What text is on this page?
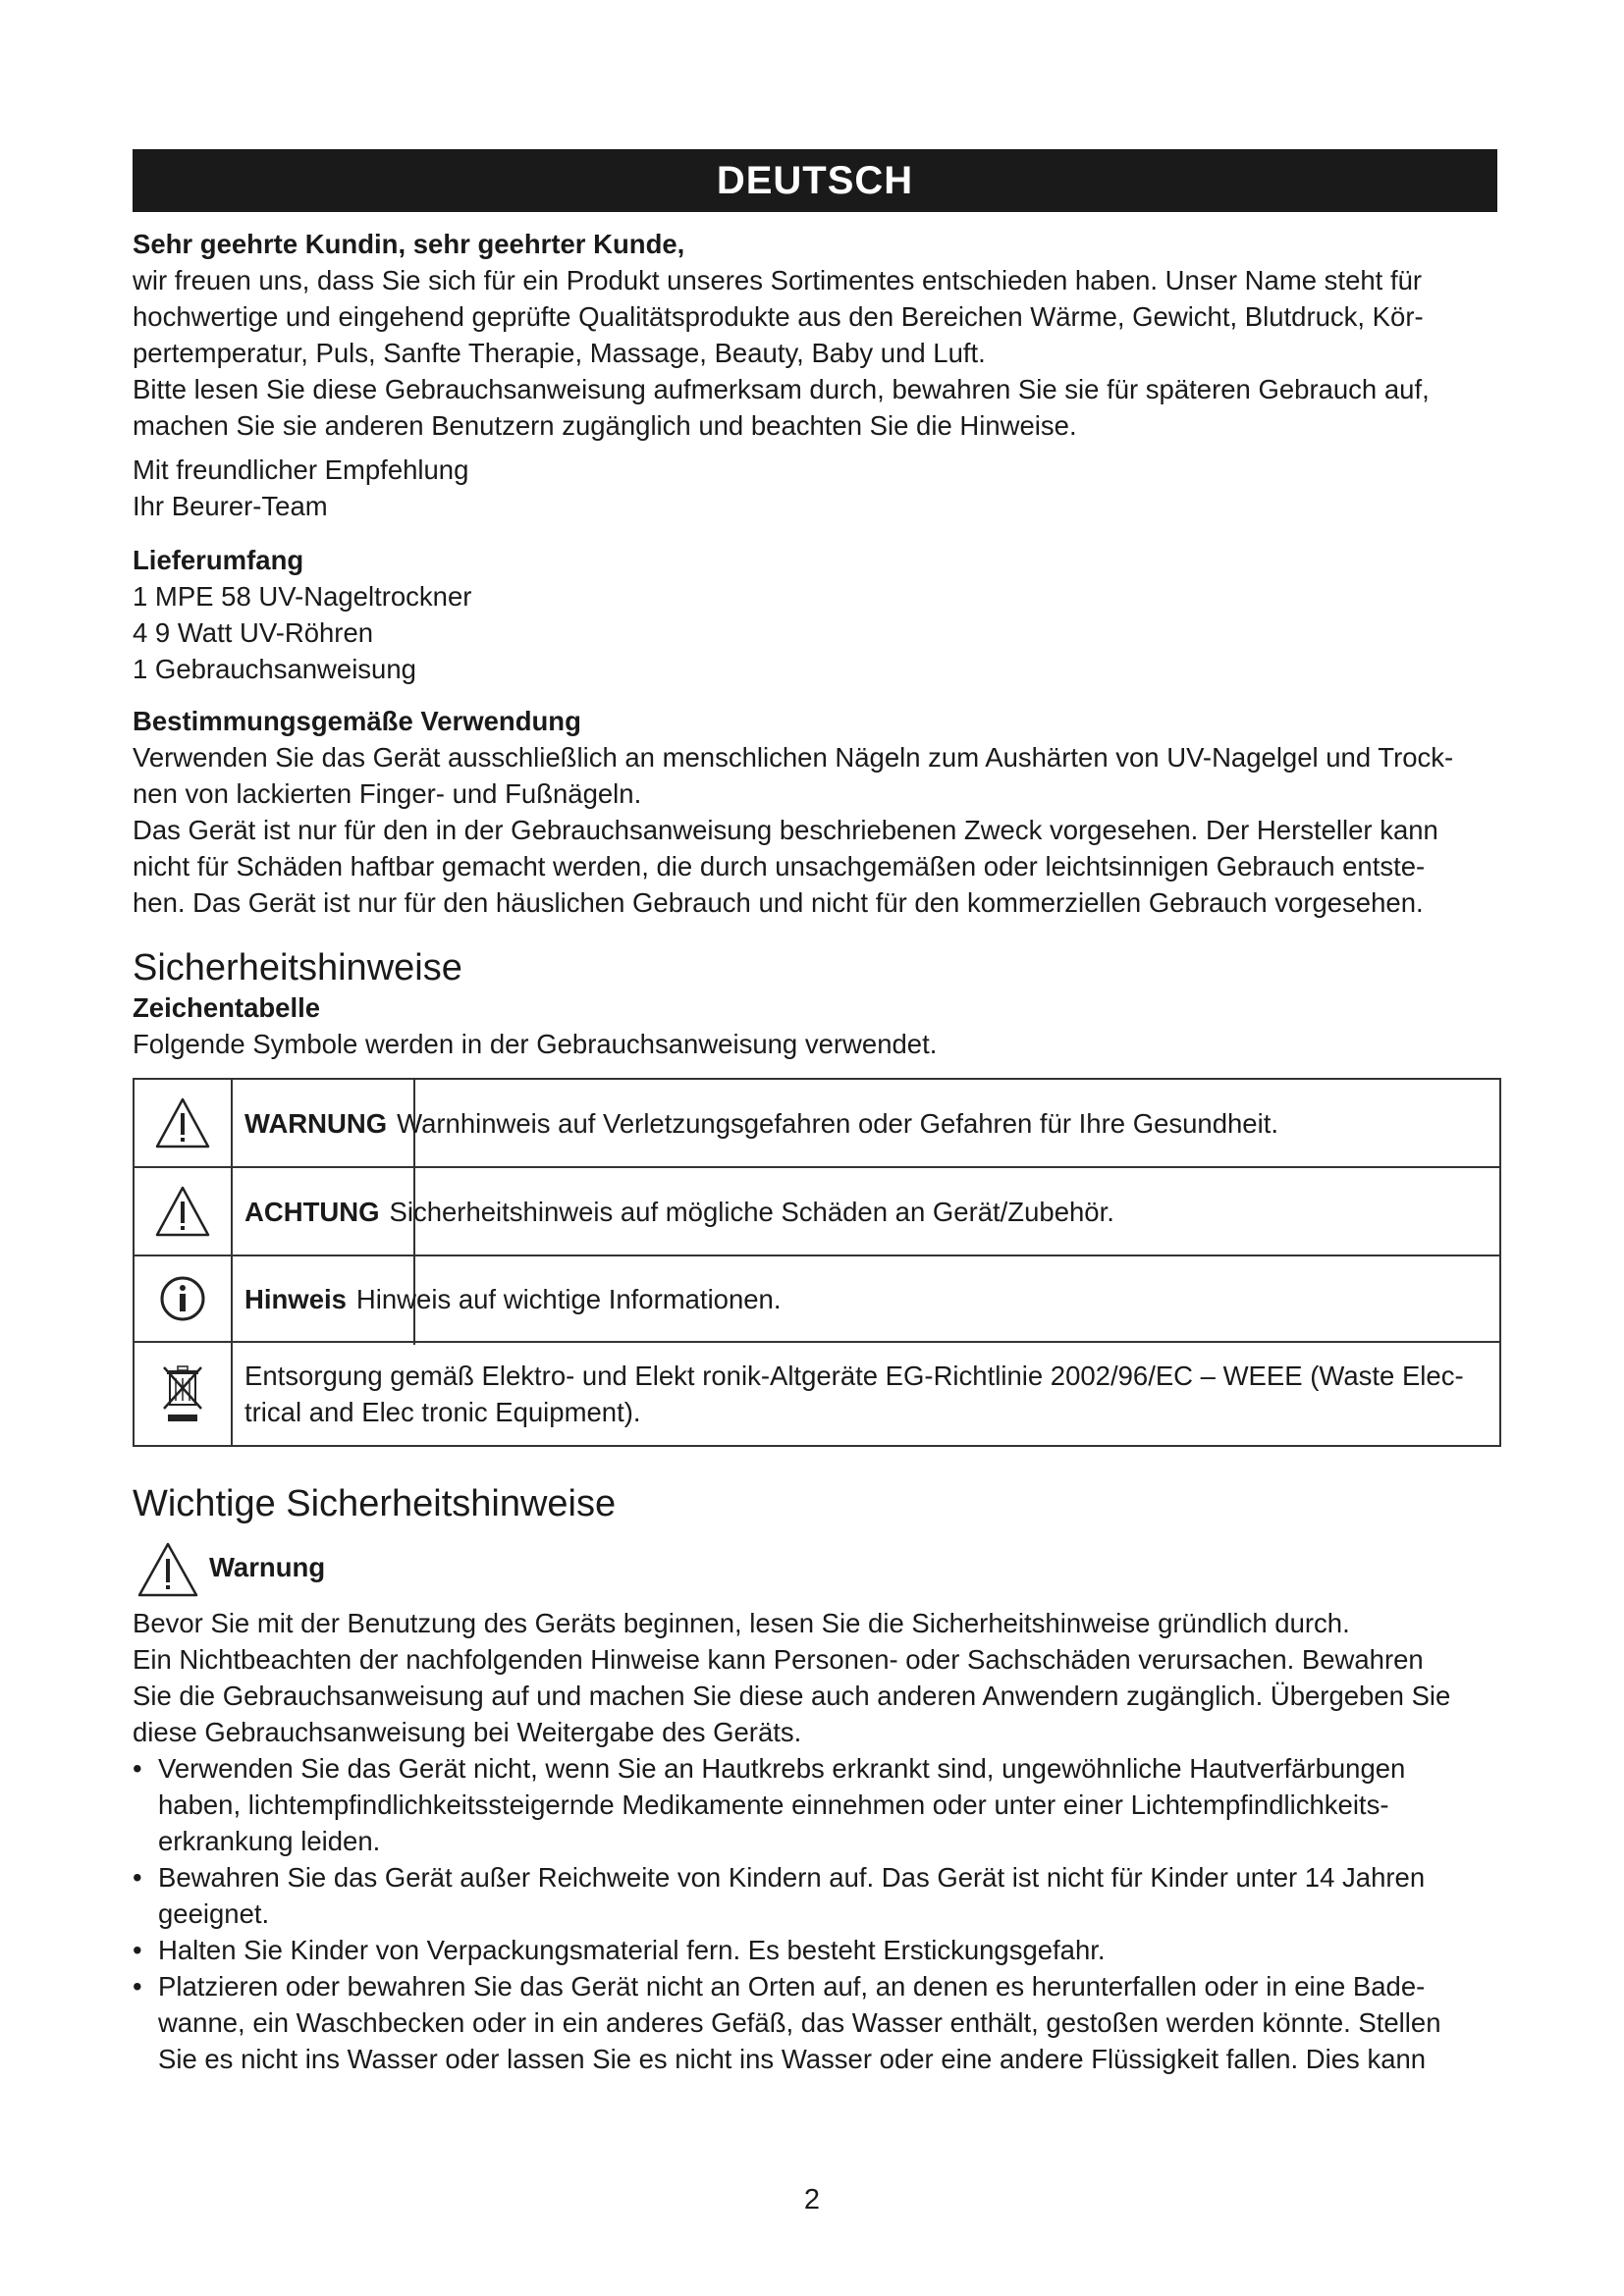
DEUTSCH

Sehr geehrte Kundin, sehr geehrter Kunde,

wir freuen uns, dass Sie sich für ein Produkt unseres Sortimentes entschieden haben. Unser Name steht für

hochwertige und eingehend geprüfte Qualitätsprodukte aus den Bereichen Wärme, Gewicht, Blutdruck, Kör-

pertemperatur, Puls, Sanfte Therapie, Massage, Beauty, Baby und Luft.

Bitte lesen Sie diese Gebrauchsanweisung aufmerksam durch, bewahren Sie sie für späteren Gebrauch auf,

machen Sie sie anderen Benutzern zugänglich und beachten Sie die Hinweise.

Mit freundlicher Empfehlung

Ihr Beurer-Team

Lieferumfang

1 MPE 58 UV-Nageltrockner

4 9 Watt UV-Röhren

1 Gebrauchsanweisung

Bestimmungsgemäße Verwendung

Verwenden Sie das Gerät ausschließlich an menschlichen Nägeln zum Aushärten von UV-Nagelgel und Trock-

nen von lackierten Finger- und Fußnägeln.

Das Gerät ist nur für den in der Gebrauchsanweisung beschriebenen Zweck vorgesehen. Der Hersteller kann

nicht für Schäden haftbar gemacht werden, die durch unsachgemäßen oder leichtsinnigen Gebrauch entste-

hen. Das Gerät ist nur für den häuslichen Gebrauch und nicht für den kommerziellen Gebrauch vorgesehen.

Sicherheitshinweise

Zeichentabelle

Folgende Symbole werden in der Gebrauchsanweisung verwendet.

WARNUNG Warnhinweis auf Verletzungsgefahren oder Gefahren für Ihre Gesundheit.
ACHTUNG Sicherheitshinweis auf mögliche Schäden an Gerät/Zubehör.
Hinweis Hinweis auf wichtige Informationen.
Entsorgung gemäß Elektro- und Elekt ronik-Altgeräte EG-Richtlinie 2002/96/EC – WEEE (Waste Elec-
trical and Elec tronic Equipment).
Wichtige Sicherheitshinweise
Warnung

Bevor Sie mit der Benutzung des Geräts beginnen, lesen Sie die Sicherheitshinweise gründlich durch.

Ein Nichtbeachten der nachfolgenden Hinweise kann Personen- oder Sachschäden verursachen. Bewahren

Sie die Gebrauchsanweisung auf und machen Sie diese auch anderen Anwendern zugänglich. Übergeben Sie

diese Gebrauchsanweisung bei Weitergabe des Geräts.

• Verwenden Sie das Gerät nicht, wenn Sie an Hautkrebs erkrankt sind, ungewöhnliche Hautverfärbungen
haben, lichtempfindlichkeitssteigernde Medikamente einnehmen oder unter einer Lichtempfindlichkeits-
erkrankung leiden.
• Bewahren Sie das Gerät außer Reichweite von Kindern auf. Das Gerät ist nicht für Kinder unter 14 Jahren
geeignet.
• Halten Sie Kinder von Verpackungsmaterial fern. Es besteht Erstickungsgefahr.
• Platzieren oder bewahren Sie das Gerät nicht an Orten auf, an denen es herunterfallen oder in eine Bade-
wanne, ein Waschbecken oder in ein anderes Gefäß, das Wasser enthält, gestoßen werden könnte. Stellen
Sie es nicht ins Wasser oder lassen Sie es nicht ins Wasser oder eine andere Flüssigkeit fallen. Dies kann
2
